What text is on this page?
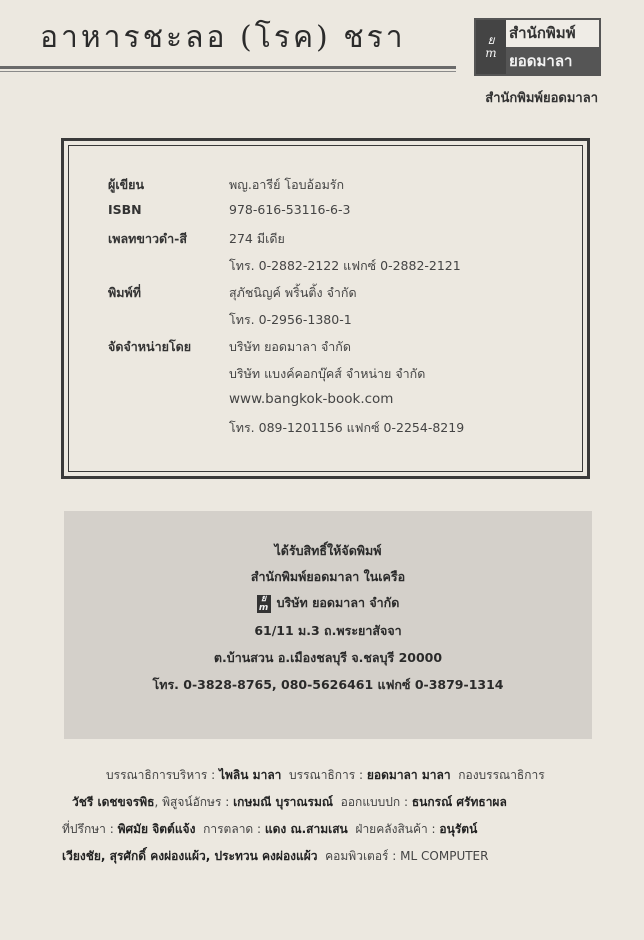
อาหารชะลอ (โรค) ชรา	ย
m
สำนักพิมพ์
ยอดมาลา
สำนักพิมพ์ยอดมาลา
ผู้เขียน	พญ.อารีย์ โอบอ้อมรัก
ISBN	978-616-53116-6-3
เพลทขาวดำ-สี	274 มีเดีย
โทร. 0-2882-2122 แฟกซ์ 0-2882-2121
พิมพ์ที่	สุภัชนิญค์ พริ้นติ้ง จำกัด
โทร. 0-2956-1380-1
จัดจำหน่ายโดย	บริษัท ยอดมาลา จำกัด
บริษัท แบงค์คอกบุ๊คส์ จำหน่าย จำกัด
www.bangkok-book.com
โทร. 089-1201156 แฟกซ์ 0-2254-8219
ได้รับสิทธิ์ให้จัดพิมพ์
สำนักพิมพ์ยอดมาลา ในเครือ
ย
m บริษัท ยอดมาลา จำกัด
61/11 ม.3 ถ.พระยาสัจจา
ต.บ้านสวน อ.เมืองชลบุรี จ.ชลบุรี 20000
โทร. 0-3828-8765, 080-5626461 แฟกซ์ 0-3879-1314
บรรณาธิการบริหาร : ไพลิน มาลา บรรณาธิการ : ยอดมาลา มาลา กองบรรณาธิการ
วัชรี เดชขจรพิธ, พิสูจน์อักษร : เกษมณี บุราณรมณ์ ออกแบบปก : ธนกรณ์ ศรัทธาผล
ที่ปรึกษา : พิศมัย จิตต์แจ้ง การตลาด : แดง ณ.สามเสน ฝ่ายคลังสินค้า : อนุรัตน์
เวียงชัย, สุรศักดิ์ คงผ่องแผ้ว, ประทวน คงผ่องแผ้ว คอมพิวเตอร์ : ML COMPUTER
